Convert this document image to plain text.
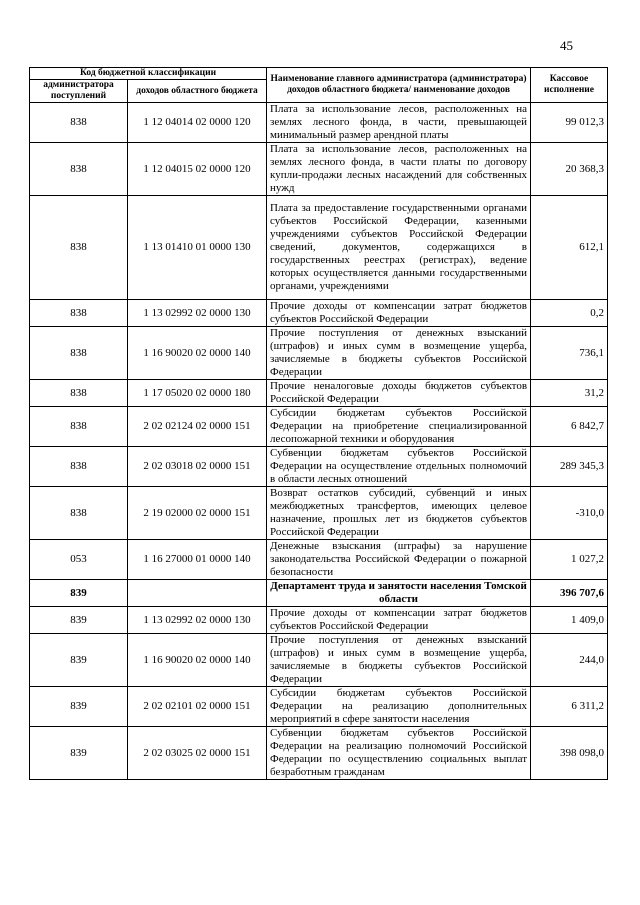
45
Код бюджетной классификации		Наименование главного администратора (администратора) доходов областного бюджета/ наименование доходов	Кассовое исполнение
администратора поступлений	доходов областного бюджета		
838	1 12 04014 02 0000 120	Плата за использование лесов, расположенных на землях лесного фонда, в части, превышающей минимальный размер арендной платы	99 012,3
838	1 12 04015 02 0000 120	Плата за использование лесов, расположенных на землях лесного фонда, в части платы по договору купли-продажи лесных насаждений для собственных нужд	20 368,3
838	1 13 01410 01 0000 130	Плата за предоставление государственными органами субъектов Российской Федерации, казенными учреждениями субъектов Российской Федерации сведений, документов, содержащихся в государственных реестрах (регистрах), ведение которых осуществляется данными государственными органами, учреждениями	612,1
838	1 13 02992 02 0000 130	Прочие доходы от компенсации затрат бюджетов субъектов Российской Федерации	0,2
838	1 16 90020 02 0000 140	Прочие поступления от денежных взысканий (штрафов) и иных сумм в возмещение ущерба, зачисляемые в бюджеты субъектов Российской Федерации	736,1
838	1 17 05020 02 0000 180	Прочие неналоговые доходы бюджетов субъектов Российской Федерации	31,2
838	2 02 02124 02 0000 151	Субсидии бюджетам субъектов Российской Федерации на приобретение специализированной лесопожарной техники и оборудования	6 842,7
838	2 02 03018 02 0000 151	Субвенции бюджетам субъектов Российской Федерации на осуществление отдельных полномочий в области лесных отношений	289 345,3
838	2 19 02000 02 0000 151	Возврат остатков субсидий, субвенций и иных межбюджетных трансфертов, имеющих целевое назначение, прошлых лет из бюджетов субъектов Российской Федерации	-310,0
053	1 16 27000 01 0000 140	Денежные взыскания (штрафы) за нарушение законодательства Российской Федерации о пожарной безопасности	1 027,2
839		Департамент труда и занятости населения Томской области	396 707,6
839	1 13 02992 02 0000 130	Прочие доходы от компенсации затрат бюджетов субъектов Российской Федерации	1 409,0
839	1 16 90020 02 0000 140	Прочие поступления от денежных взысканий (штрафов) и иных сумм в возмещение ущерба, зачисляемые в бюджеты субъектов Российской Федерации	244,0
839	2 02 02101 02 0000 151	Субсидии бюджетам субъектов Российской Федерации на реализацию дополнительных мероприятий в сфере занятости населения	6 311,2
839	2 02 03025 02 0000 151	Субвенции бюджетам субъектов Российской Федерации на реализацию полномочий Российской Федерации по осуществлению социальных выплат безработным гражданам	398 098,0
